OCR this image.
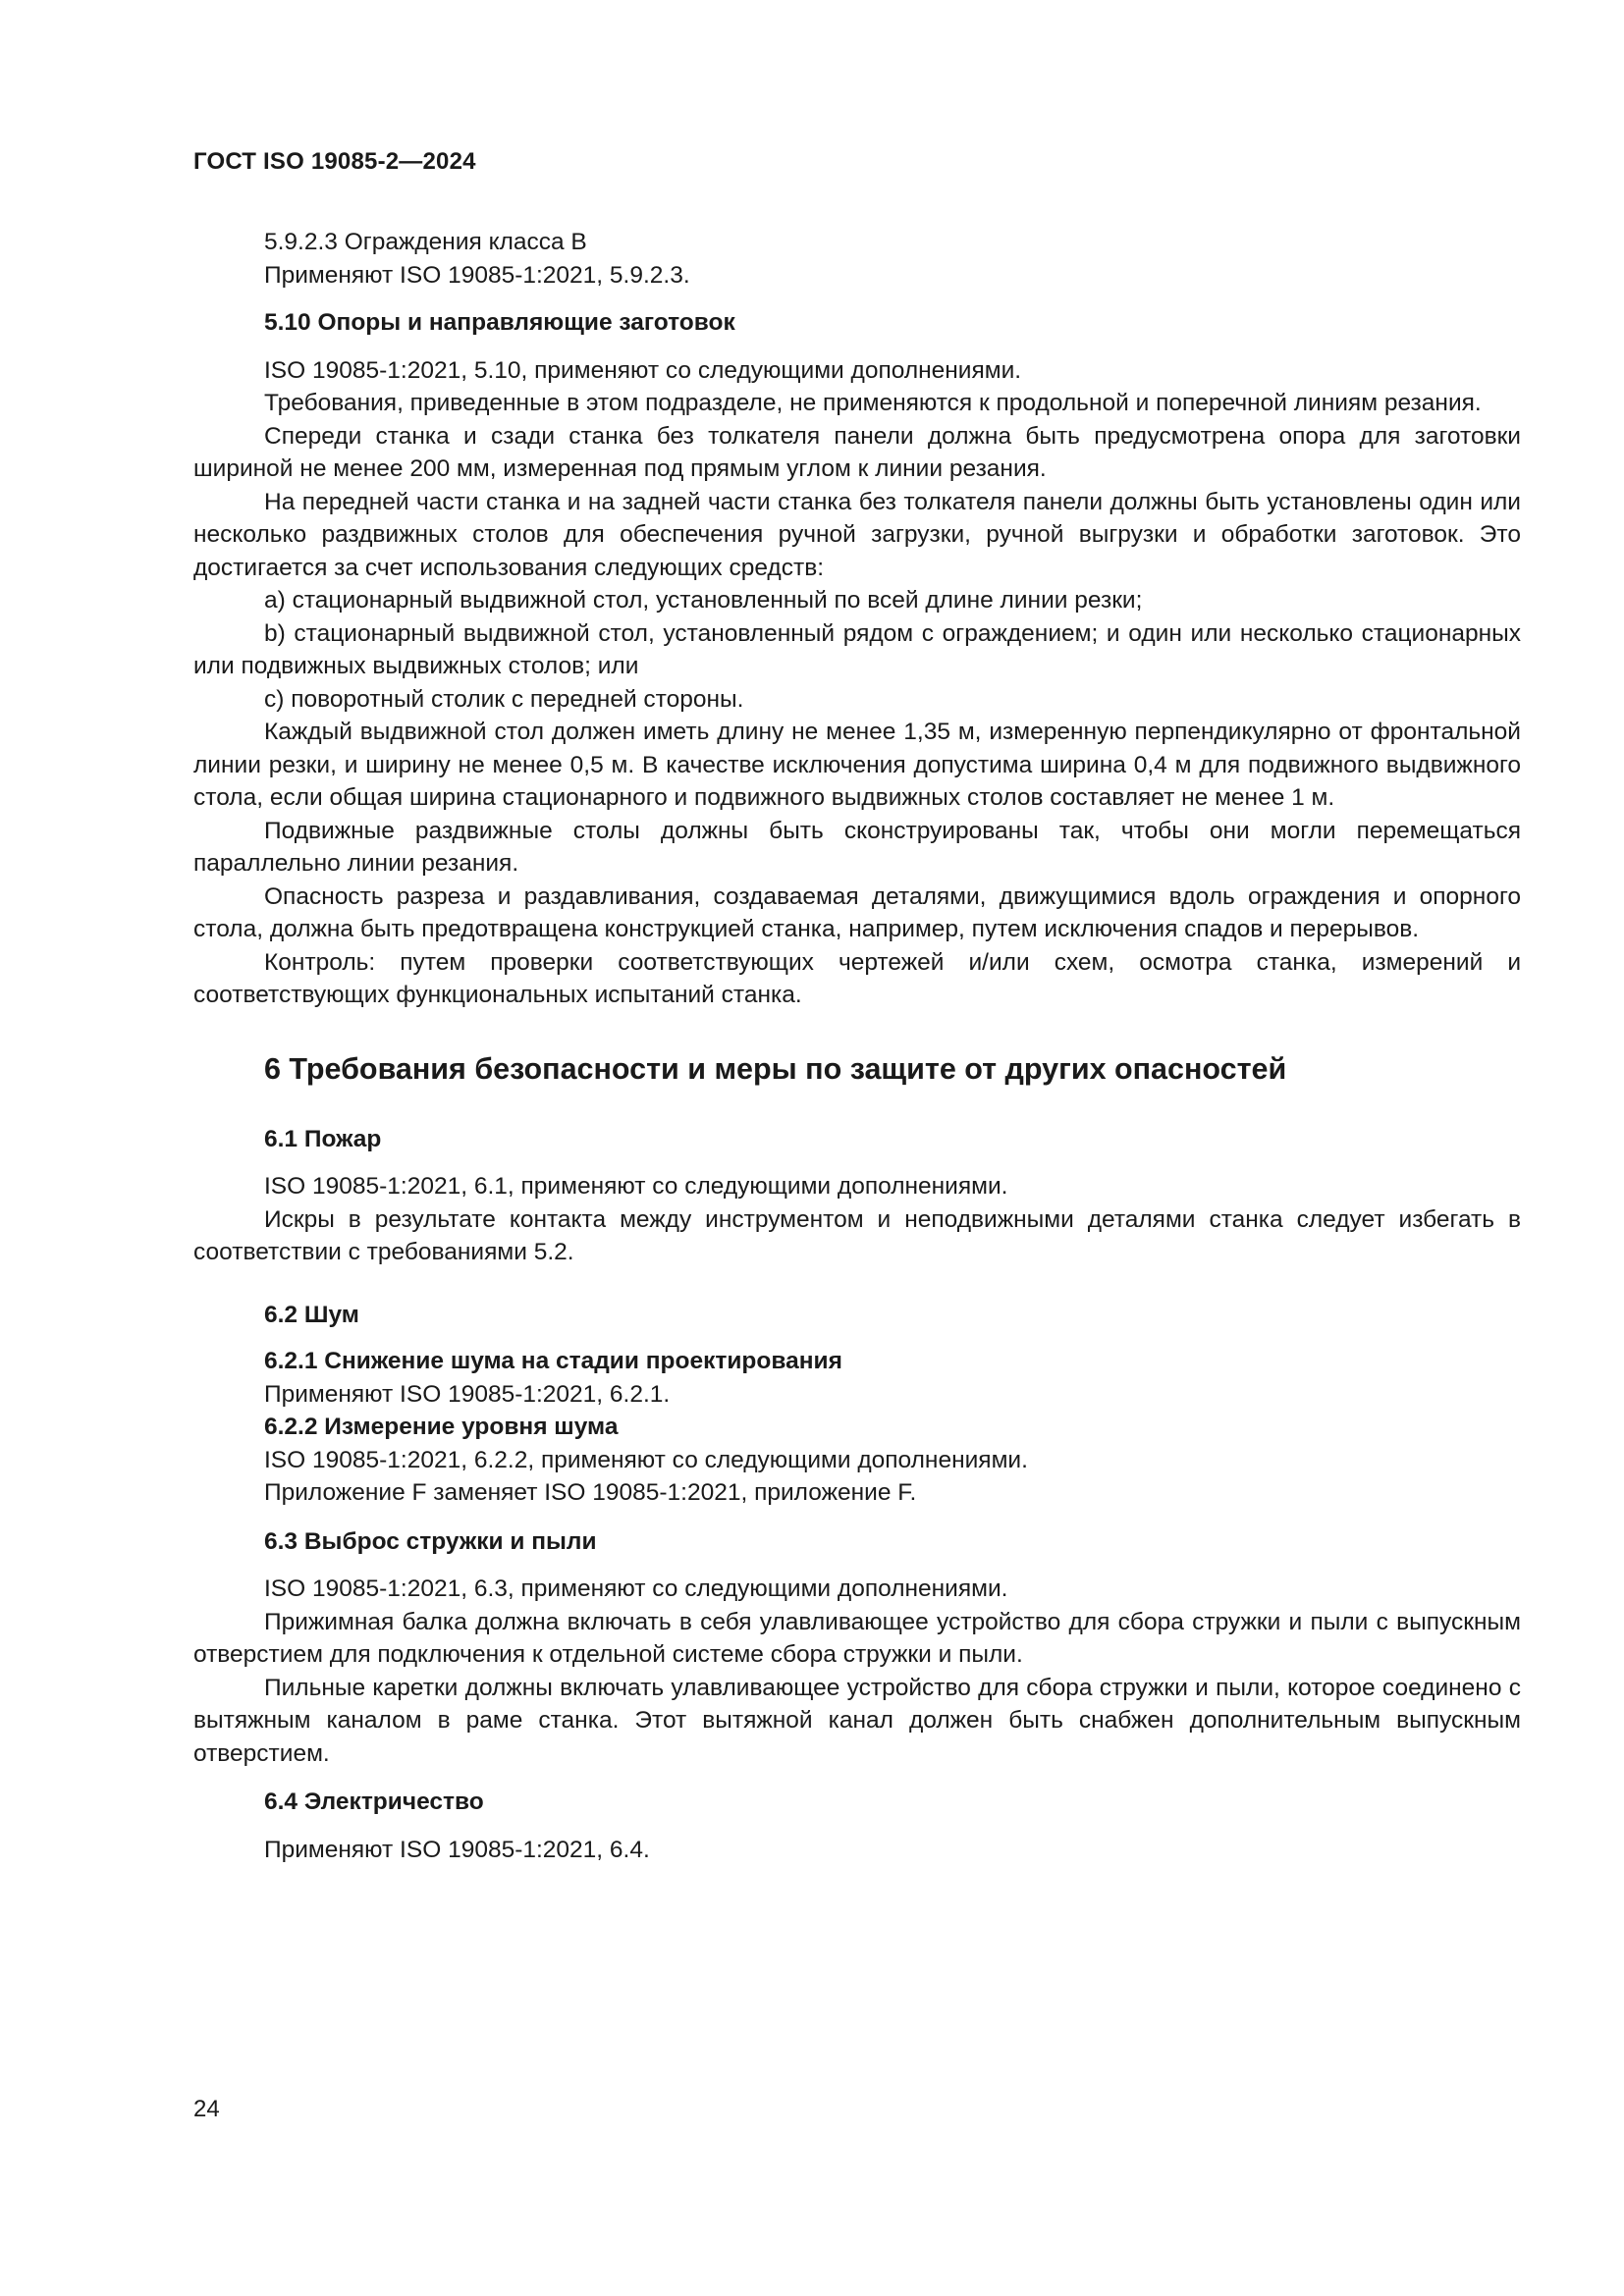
ГОСТ ISO 19085-2—2024

5.9.2.3 Ограждения класса B

Применяют ISO 19085-1:2021, 5.9.2.3.

5.10 Опоры и направляющие заготовок

ISO 19085-1:2021, 5.10, применяют со следующими дополнениями.

Требования, приведенные в этом подразделе, не применяются к продольной и поперечной линиям резания.

Спереди станка и сзади станка без толкателя панели должна быть предусмотрена опора для заготовки шириной не менее 200 мм, измеренная под прямым углом к линии резания.

На передней части станка и на задней части станка без толкателя панели должны быть установлены один или несколько раздвижных столов для обеспечения ручной загрузки, ручной выгрузки и обработки заготовок. Это достигается за счет использования следующих средств:

a) стационарный выдвижной стол, установленный по всей длине линии резки;

b) стационарный выдвижной стол, установленный рядом с ограждением; и один или несколько стационарных или подвижных выдвижных столов; или

c) поворотный столик с передней стороны.

Каждый выдвижной стол должен иметь длину не менее 1,35 м, измеренную перпендикулярно от фронтальной линии резки, и ширину не менее 0,5 м. В качестве исключения допустима ширина 0,4 м для подвижного выдвижного стола, если общая ширина стационарного и подвижного выдвижных столов составляет не менее 1 м.

Подвижные раздвижные столы должны быть сконструированы так, чтобы они могли перемещаться параллельно линии резания.

Опасность разреза и раздавливания, создаваемая деталями, движущимися вдоль ограждения и опорного стола, должна быть предотвращена конструкцией станка, например, путем исключения спадов и перерывов.

Контроль: путем проверки соответствующих чертежей и/или схем, осмотра станка, измерений и соответствующих функциональных испытаний станка.

6 Требования безопасности и меры по защите от других опасностей

6.1 Пожар

ISO 19085-1:2021, 6.1, применяют со следующими дополнениями.

Искры в результате контакта между инструментом и неподвижными деталями станка следует избегать в соответствии с требованиями 5.2.

6.2 Шум

6.2.1 Снижение шума на стадии проектирования

Применяют ISO 19085-1:2021, 6.2.1.

6.2.2 Измерение уровня шума

ISO 19085-1:2021, 6.2.2, применяют со следующими дополнениями.

Приложение F заменяет ISO 19085-1:2021, приложение F.

6.3 Выброс стружки и пыли

ISO 19085-1:2021, 6.3, применяют со следующими дополнениями.

Прижимная балка должна включать в себя улавливающее устройство для сбора стружки и пыли с выпускным отверстием для подключения к отдельной системе сбора стружки и пыли.

Пильные каретки должны включать улавливающее устройство для сбора стружки и пыли, которое соединено с вытяжным каналом в раме станка. Этот вытяжной канал должен быть снабжен дополнительным выпускным отверстием.

6.4 Электричество

Применяют ISO 19085-1:2021, 6.4.

24
